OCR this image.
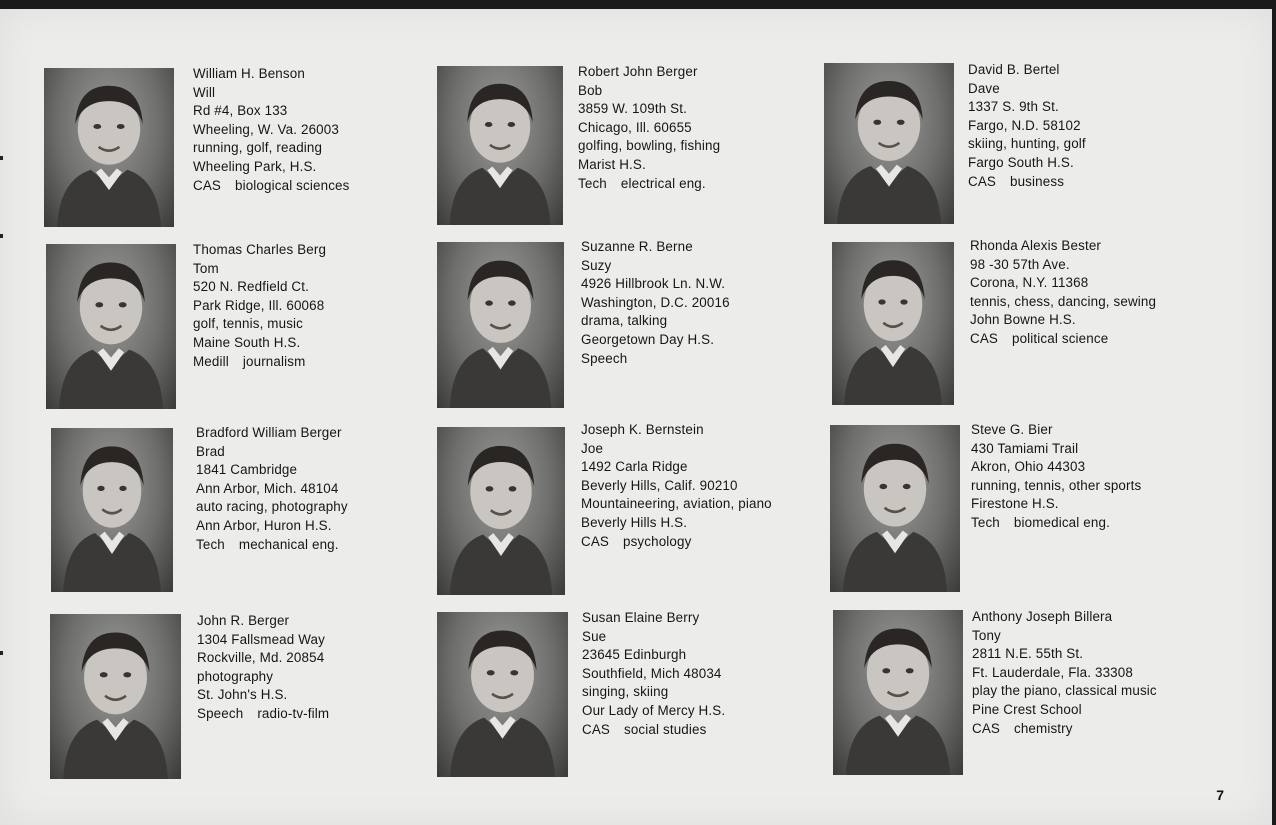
William H. Benson
Will
Rd #4, Box 133
Wheeling, W. Va. 26003
running, golf, reading
Wheeling Park, H.S.
CAS biological sciences
Robert John Berger
Bob
3859 W. 109th St.
Chicago, Ill. 60655
golfing, bowling, fishing
Marist H.S.
Tech electrical eng.
David B. Bertel
Dave
1337 S. 9th St.
Fargo, N.D. 58102
skiing, hunting, golf
Fargo South H.S.
CAS business
Thomas Charles Berg
Tom
520 N. Redfield Ct.
Park Ridge, Ill. 60068
golf, tennis, music
Maine South H.S.
Medill journalism
Suzanne R. Berne
Suzy
4926 Hillbrook Ln. N.W.
Washington, D.C. 20016
drama, talking
Georgetown Day H.S.
Speech
Rhonda Alexis Bester
98 -30 57th Ave.
Corona, N.Y. 11368
tennis, chess, dancing, sewing
John Bowne H.S.
CAS political science
Bradford William Berger
Brad
1841 Cambridge
Ann Arbor, Mich. 48104
auto racing, photography
Ann Arbor, Huron H.S.
Tech mechanical eng.
Joseph K. Bernstein
Joe
1492 Carla Ridge
Beverly Hills, Calif. 90210
Mountaineering, aviation, piano
Beverly Hills H.S.
CAS psychology
Steve G. Bier
430 Tamiami Trail
Akron, Ohio 44303
running, tennis, other sports
Firestone H.S.
Tech biomedical eng.
John R. Berger
1304 Fallsmead Way
Rockville, Md. 20854
photography
St. John's H.S.
Speech radio-tv-film
Susan Elaine Berry
Sue
23645 Edinburgh
Southfield, Mich 48034
singing, skiing
Our Lady of Mercy H.S.
CAS social studies
Anthony Joseph Billera
Tony
2811 N.E. 55th St.
Ft. Lauderdale, Fla. 33308
play the piano, classical music
Pine Crest School
CAS chemistry
7
